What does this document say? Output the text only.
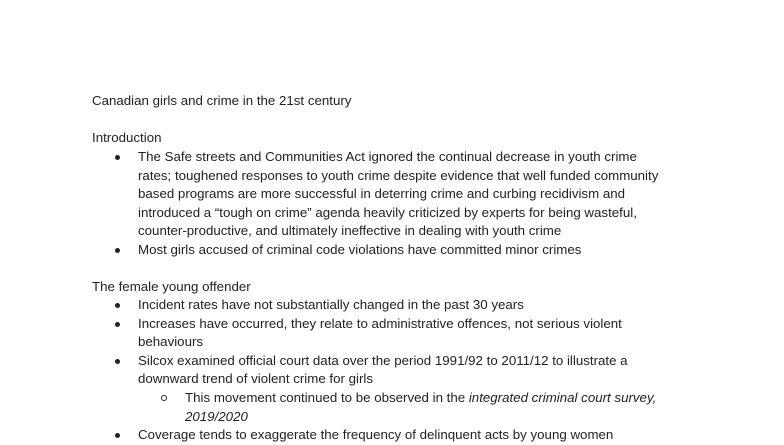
Canadian girls and crime in the 21st century
Introduction
The Safe streets and Communities Act ignored the continual decrease in youth crime
rates; toughened responses to youth crime despite evidence that well funded community
based programs are more successful in deterring crime and curbing recidivism and
introduced a “tough on crime” agenda heavily criticized by experts for being wasteful,
counter-productive, and ultimately ineffective in dealing with youth crime
Most girls accused of criminal code violations have committed minor crimes
The female young offender
Incident rates have not substantially changed in the past 30 years
Increases have occurred, they relate to administrative offences, not serious violent
behaviours
Silcox examined official court data over the period 1991/92 to 2011/12 to illustrate a
downward trend of violent crime for girls
This movement continued to be observed in the integrated criminal court survey,
2019/2020
Coverage tends to exaggerate the frequency of delinquent acts by young women
